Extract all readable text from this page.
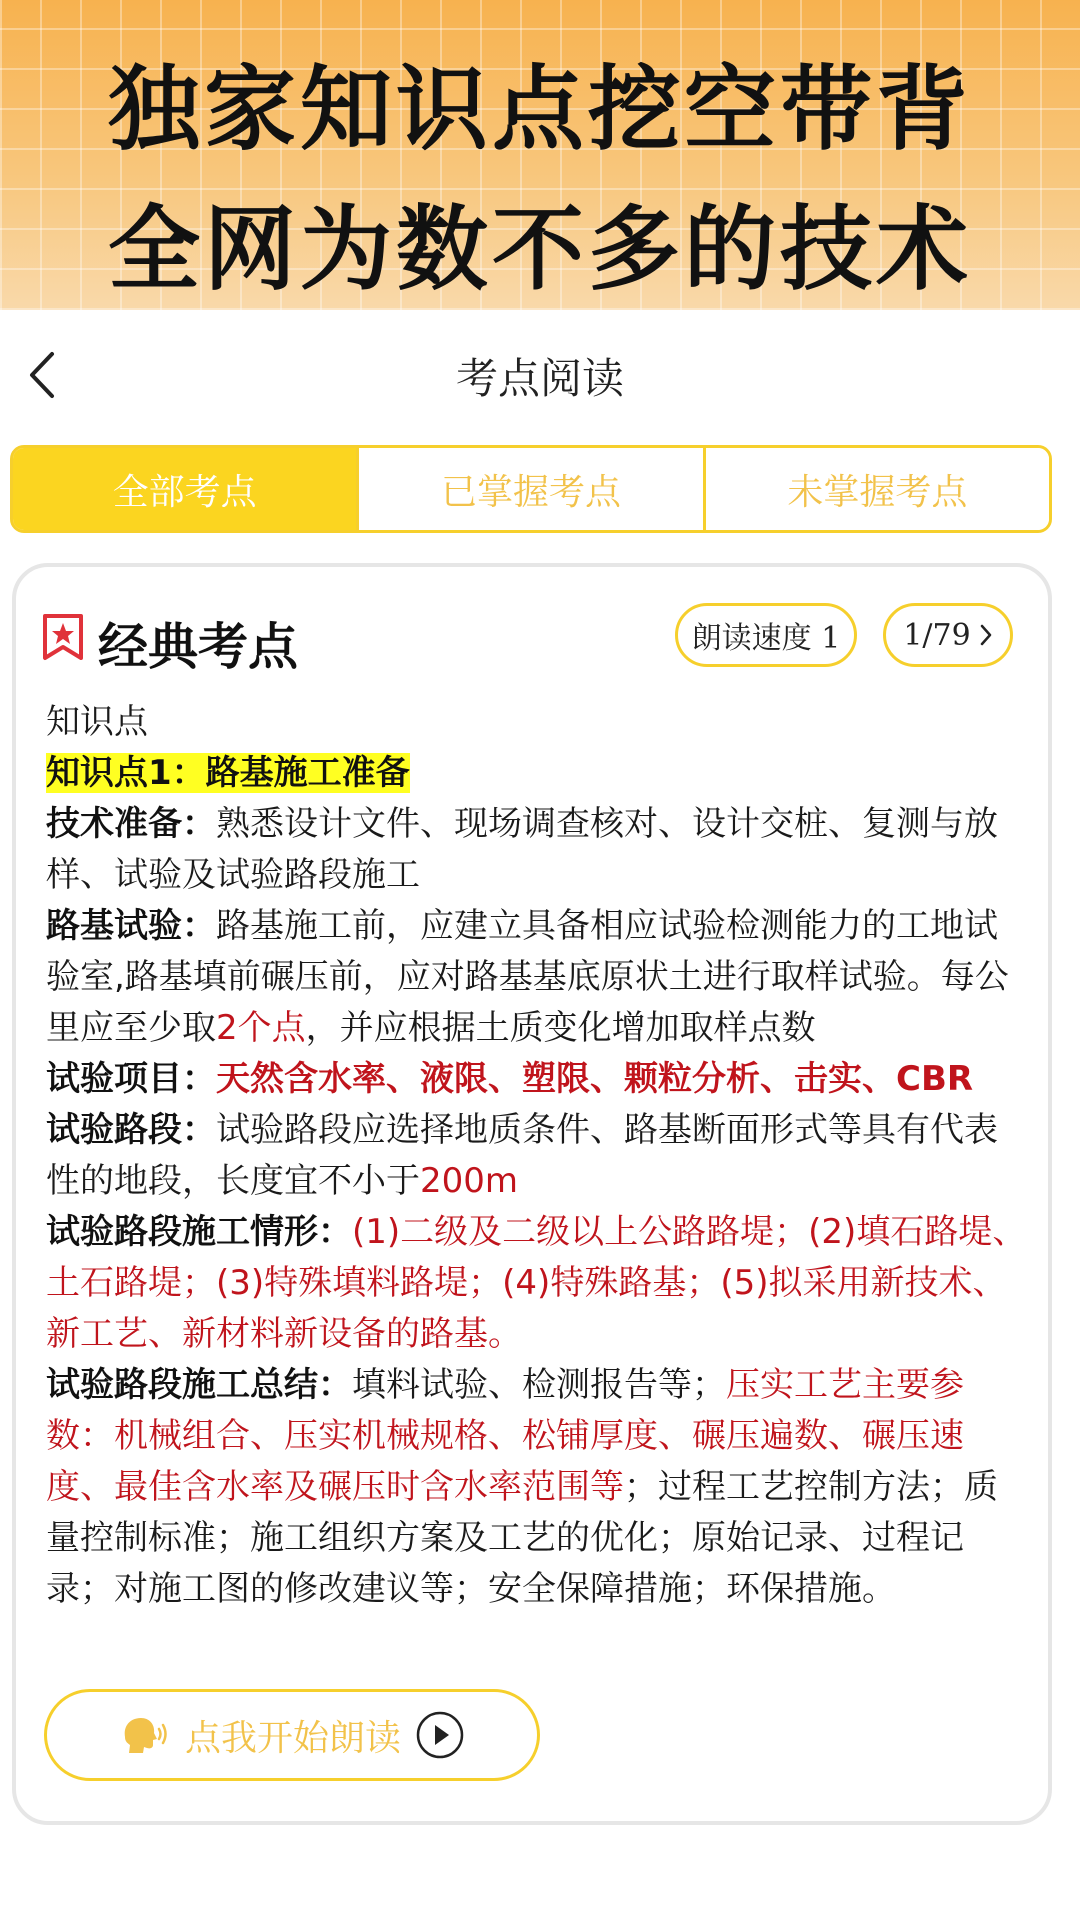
独家知识点挖空带背
全网为数不多的技术
考点阅读
全部考点	已掌握考点	未掌握考点
经典考点	朗读速度 1 1/79

知识点

知识点1：路基施工准备

技术准备：熟悉设计文件、现场调查核对、设计交桩、复测与放样、试验及试验路段施工

路基试验：路基施工前，应建立具备相应试验检测能力的工地试验室,路基填前碾压前，应对路基基底原状土进行取样试验。每公里应至少取2个点，并应根据土质变化增加取样点数

试验项目：天然含水率、液限、塑限、颗粒分析、击实、CBR

试验路段：试验路段应选择地质条件、路基断面形式等具有代表性的地段，长度宜不小于200m

试验路段施工情形：(1)二级及二级以上公路路堤；(2)填石路堤、土石路堤；(3)特殊填料路堤；(4)特殊路基；(5)拟采用新技术、新工艺、新材料新设备的路基。

试验路段施工总结：填料试验、检测报告等；压实工艺主要参数：机械组合、压实机械规格、松铺厚度、碾压遍数、碾压速度、最佳含水率及碾压时含水率范围等；过程工艺控制方法；质量控制标准；施工组织方案及工艺的优化；原始记录、过程记录；对施工图的修改建议等；安全保障措施；环保措施。

点我开始朗读
